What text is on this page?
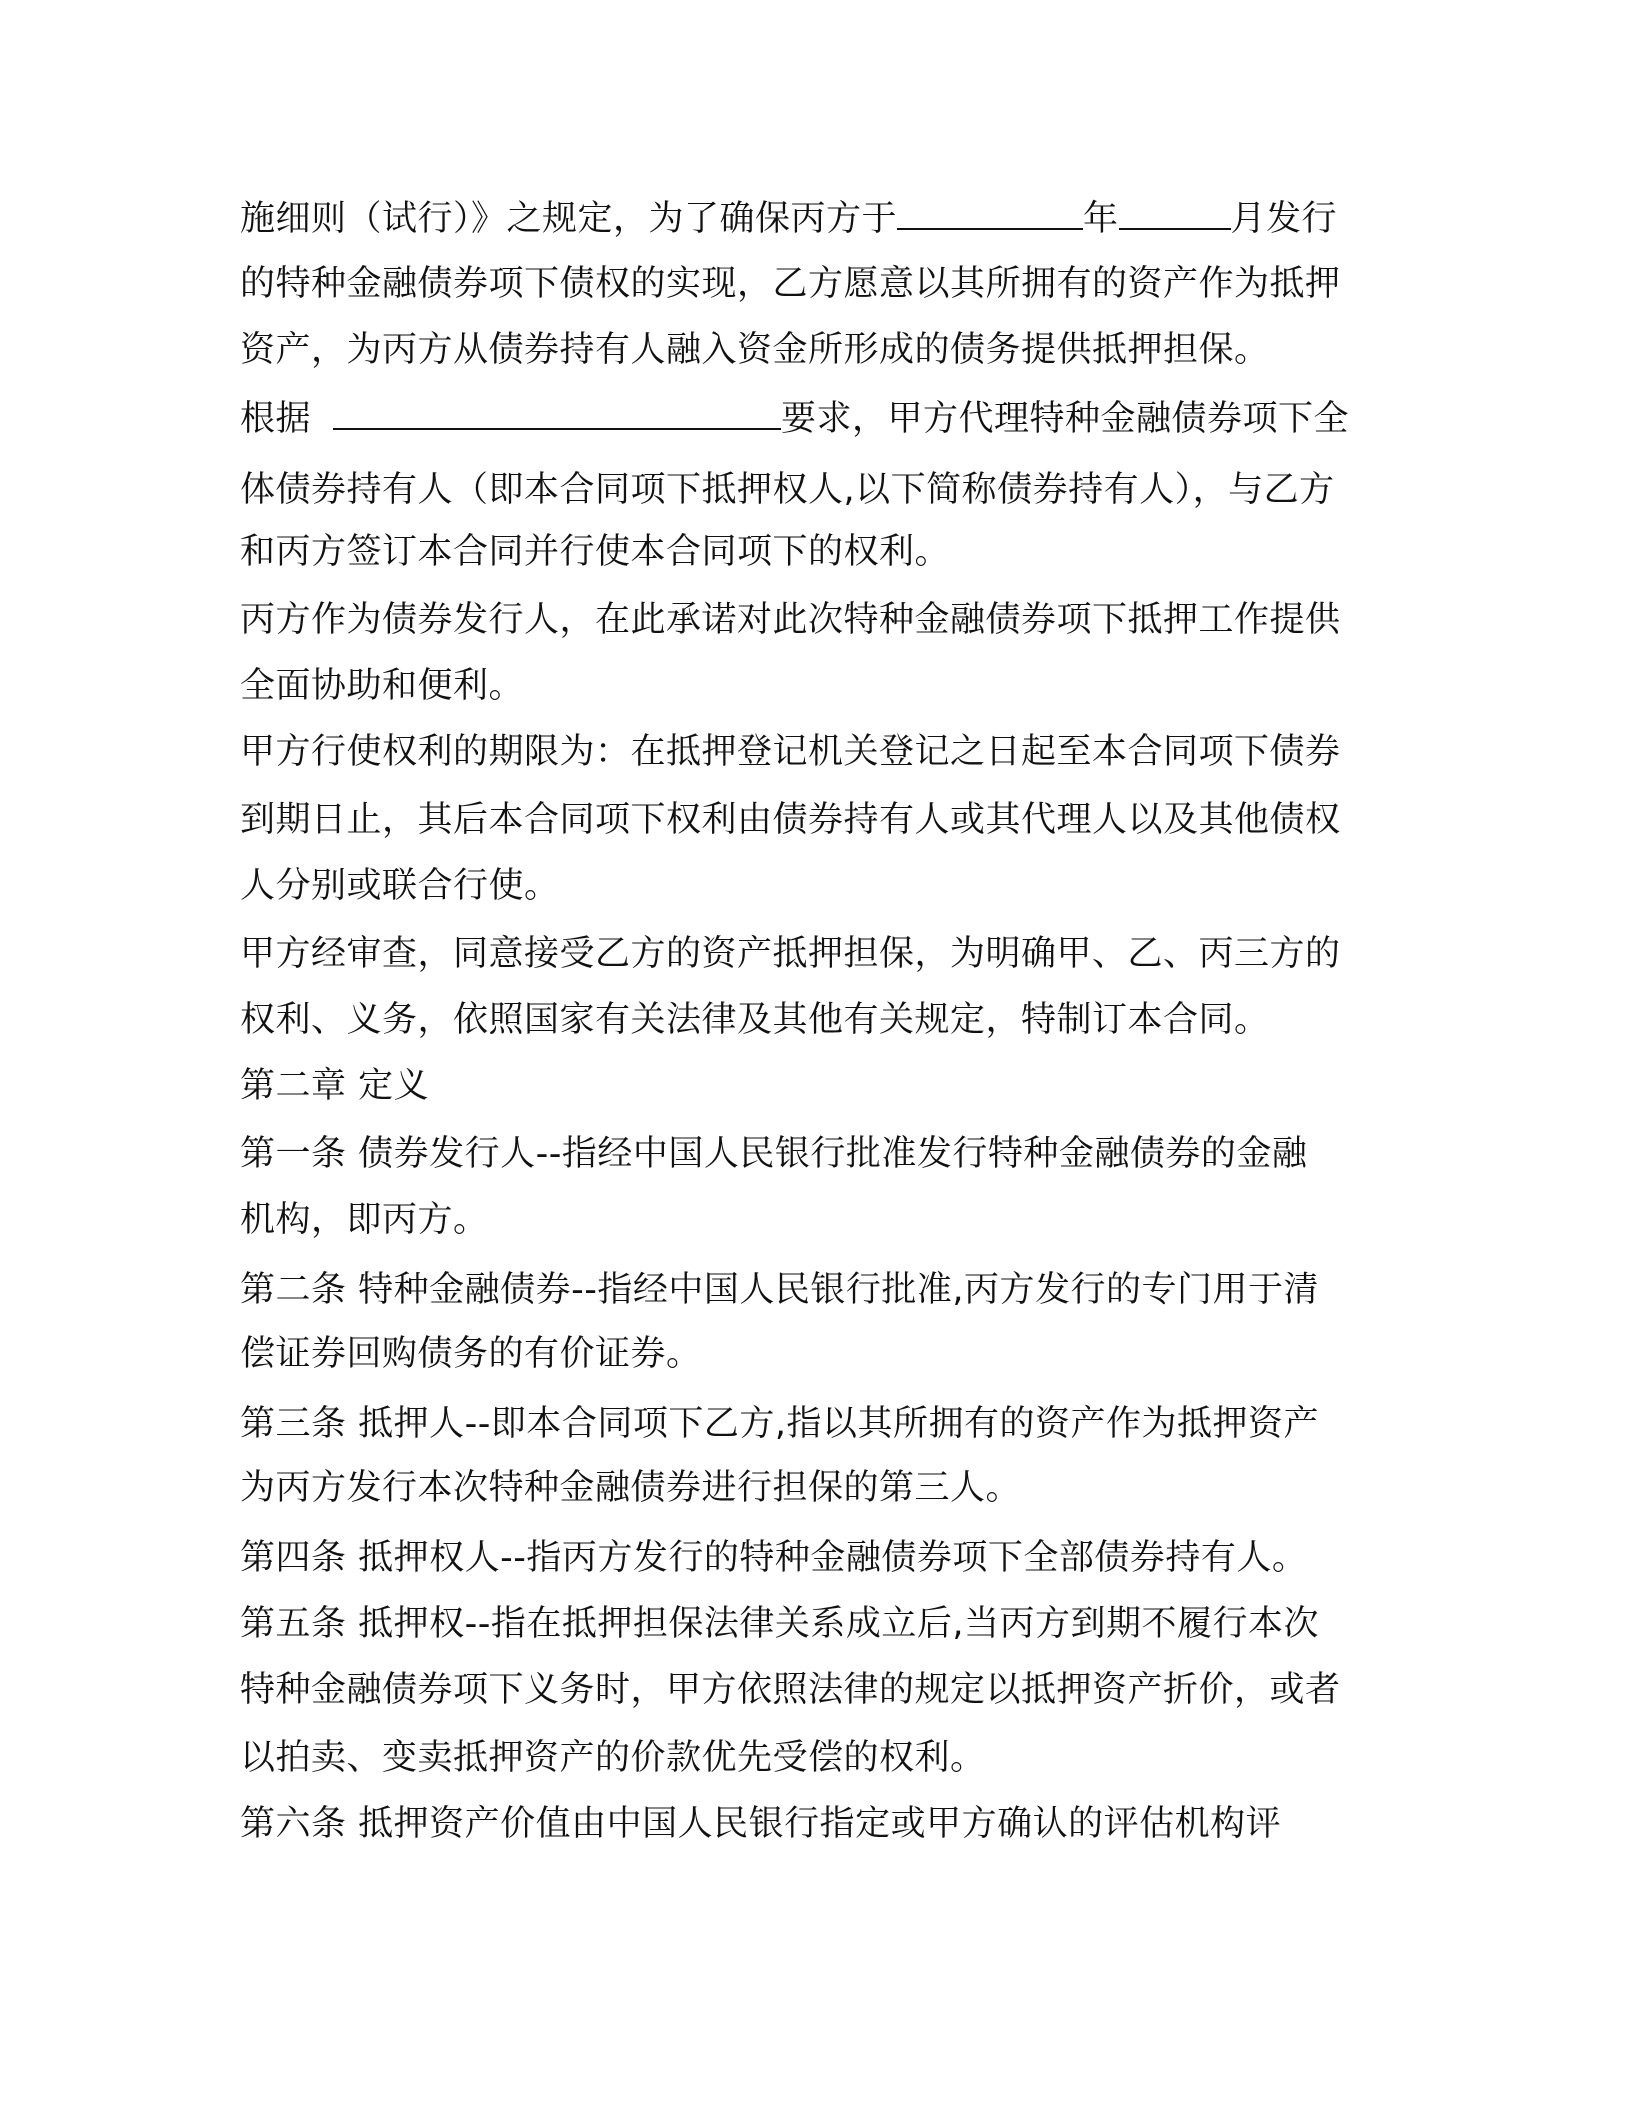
施细则（试行）》之规定，为了确保丙方于	年	月发行
的特种金融债券项下债权的实现，乙方愿意以其所拥有的资产作为抵押
资产，为丙方从债券持有人融入资金所形成的债务提供抵押担保。
根据	要求，甲方代理特种金融债券项下全
体债券持有人（即本合同项下抵押权人,以下简称债券持有人），与乙方
和丙方签订本合同并行使本合同项下的权利。
丙方作为债券发行人，在此承诺对此次特种金融债券项下抵押工作提供
全面协助和便利。
甲方行使权利的期限为：在抵押登记机关登记之日起至本合同项下债券
到期日止，其后本合同项下权利由债券持有人或其代理人以及其他债权
人分别或联合行使。
甲方经审查，同意接受乙方的资产抵押担保，为明确甲、乙、丙三方的
权利、义务，依照国家有关法律及其他有关规定，特制订本合同。
第二章 定义
第一条 债券发行人--指经中国人民银行批准发行特种金融债券的金融
机构，即丙方。
第二条 特种金融债券--指经中国人民银行批准,丙方发行的专门用于清
偿证券回购债务的有价证券。
第三条 抵押人--即本合同项下乙方,指以其所拥有的资产作为抵押资产
为丙方发行本次特种金融债券进行担保的第三人。
第四条 抵押权人--指丙方发行的特种金融债券项下全部债券持有人。
第五条 抵押权--指在抵押担保法律关系成立后,当丙方到期不履行本次
特种金融债券项下义务时，甲方依照法律的规定以抵押资产折价，或者
以拍卖、变卖抵押资产的价款优先受偿的权利。
第六条 抵押资产价值由中国人民银行指定或甲方确认的评估机构评
